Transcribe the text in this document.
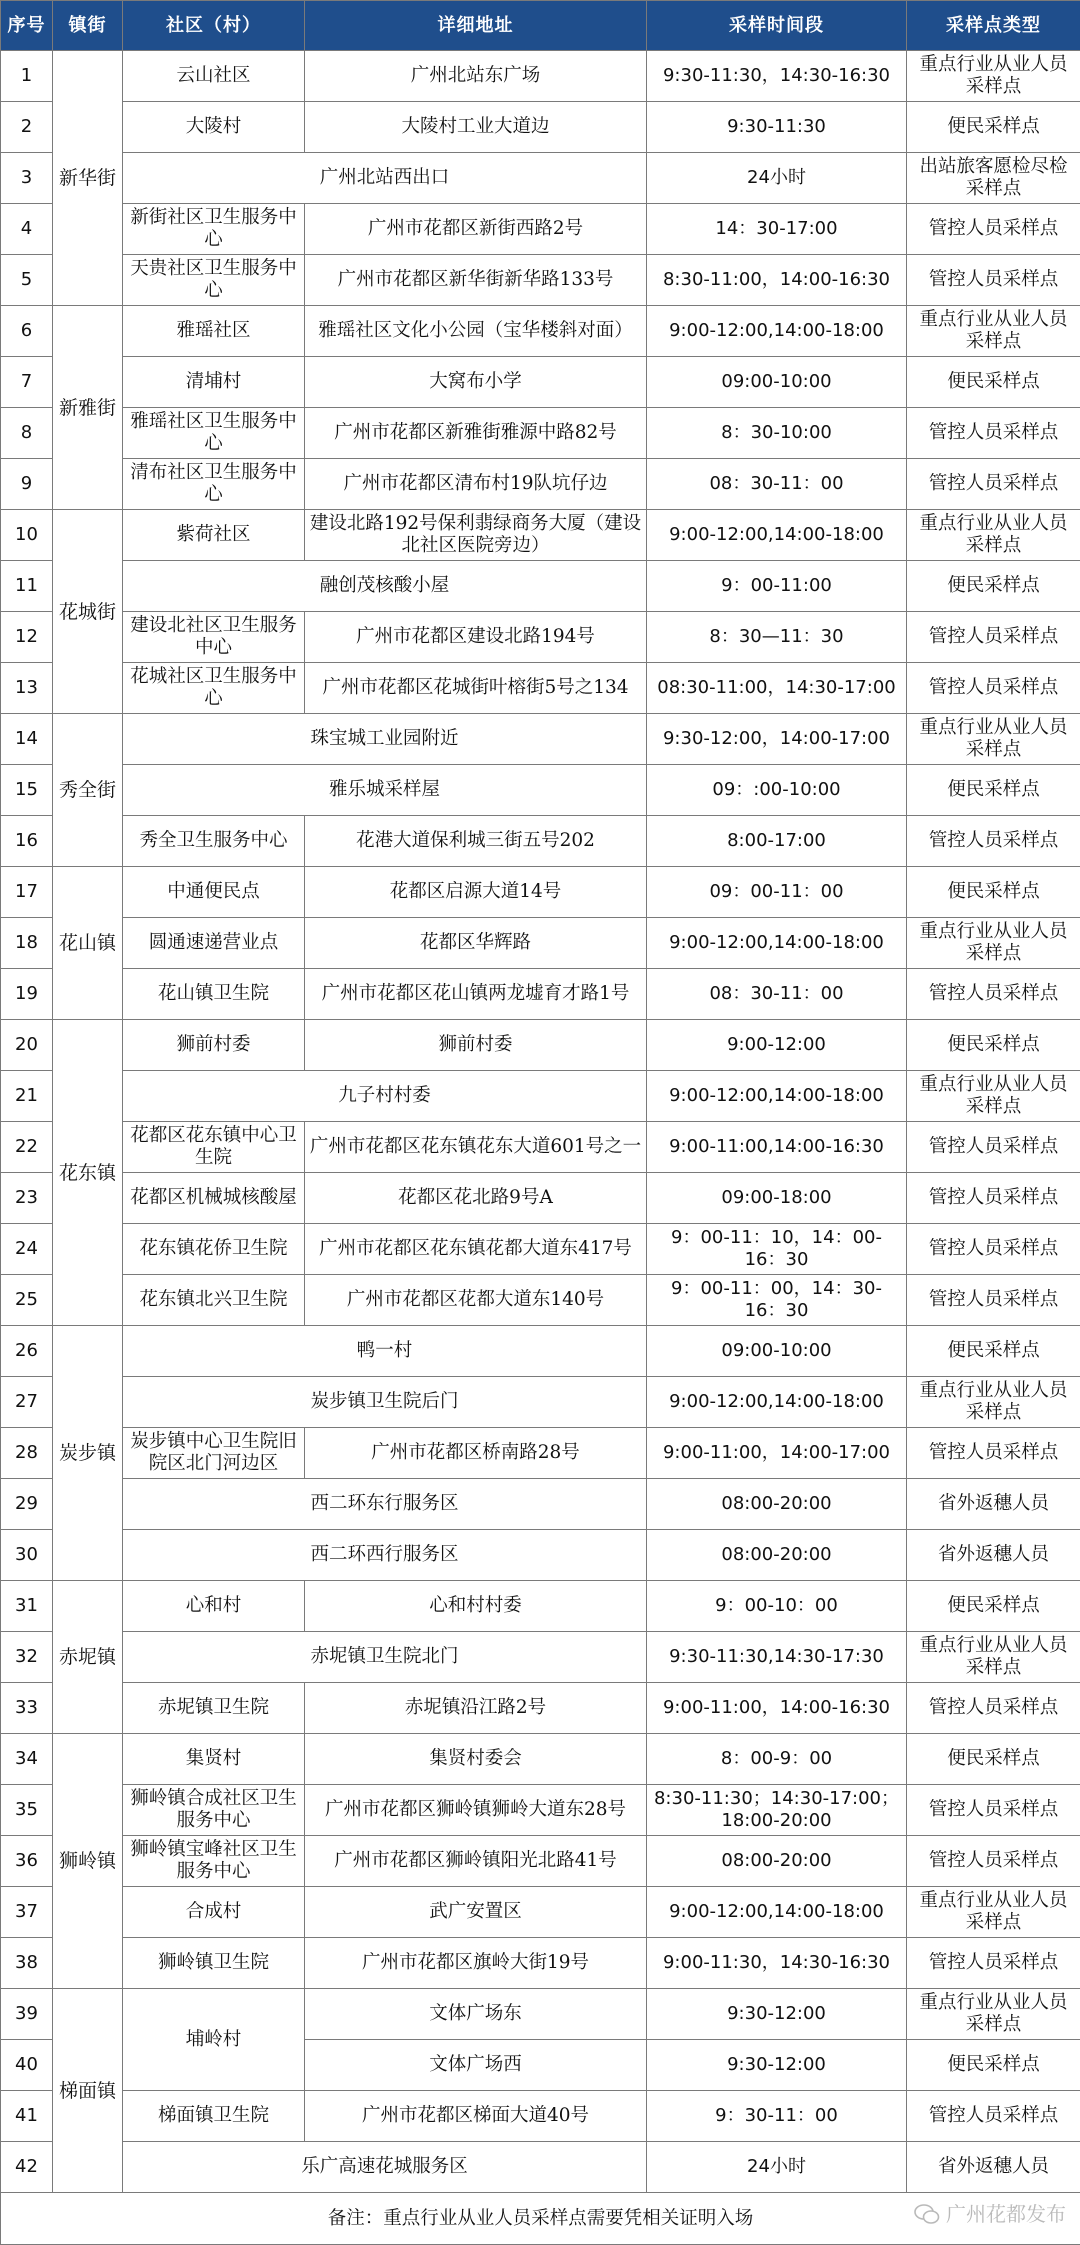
序号	镇街	社区（村）	详细地址	采样时间段	采样点类型
1	新华街	云山社区	广州北站东广场	9:30-11:30，14:30-16:30	重点行业从业人员采样点
2		大陵村	大陵村工业大道边	9:30-11:30	便民采样点
3		广州北站西出口		24小时	出站旅客愿检尽检采样点
4		新街社区卫生服务中心	广州市花都区新街西路2号	14：30-17:00	管控人员采样点
5		天贵社区卫生服务中心	广州市花都区新华街新华路133号	8:30-11:00，14:00-16:30	管控人员采样点
6	新雅街	雅瑶社区	雅瑶社区文化小公园（宝华楼斜对面）	9:00-12:00,14:00-18:00	重点行业从业人员采样点
7		清埔村	大窝布小学	09:00-10:00	便民采样点
8		雅瑶社区卫生服务中心	广州市花都区新雅街雅源中路82号	8：30-10:00	管控人员采样点
9		清布社区卫生服务中心	广州市花都区清布村19队坑仔边	08：30-11：00	管控人员采样点
10	花城街	紫荷社区	建设北路192号保利翡绿商务大厦（建设北社区医院旁边）	9:00-12:00,14:00-18:00	重点行业从业人员采样点
11		融创茂核酸小屋		9：00-11:00	便民采样点
12		建设北社区卫生服务中心	广州市花都区建设北路194号	8：30—11：30	管控人员采样点
13		花城社区卫生服务中心	广州市花都区花城街叶榕街5号之134	08:30-11:00，14:30-17:00	管控人员采样点
14	秀全街	珠宝城工业园附近		9:30-12:00，14:00-17:00	重点行业从业人员采样点
15		雅乐城采样屋		09：:00-10:00	便民采样点
16		秀全卫生服务中心	花港大道保利城三街五号202	8:00-17:00	管控人员采样点
17	花山镇	中通便民点	花都区启源大道14号	09：00-11：00	便民采样点
18		圆通速递营业点	花都区华辉路	9:00-12:00,14:00-18:00	重点行业从业人员采样点
19		花山镇卫生院	广州市花都区花山镇两龙墟育才路1号	08：30-11：00	管控人员采样点
20	花东镇	狮前村委	狮前村委	9:00-12:00	便民采样点
21		九子村村委		9:00-12:00,14:00-18:00	重点行业从业人员采样点
22		花都区花东镇中心卫生院	广州市花都区花东镇花东大道601号之一	9:00-11:00,14:00-16:30	管控人员采样点
23		花都区机械城核酸屋	花都区花北路9号A	09:00-18:00	管控人员采样点
24		花东镇花侨卫生院	广州市花都区花东镇花都大道东417号	9：00-11：10，14：00-16：30	管控人员采样点
25		花东镇北兴卫生院	广州市花都区花都大道东140号	9：00-11：00，14：30-16：30	管控人员采样点
26	炭步镇	鸭一村		09:00-10:00	便民采样点
27		炭步镇卫生院后门		9:00-12:00,14:00-18:00	重点行业从业人员采样点
28		炭步镇中心卫生院旧院区北门河边区	广州市花都区桥南路28号	9:00-11:00，14:00-17:00	管控人员采样点
29		西二环东行服务区		08:00-20:00	省外返穗人员
30		西二环西行服务区		08:00-20:00	省外返穗人员
31	赤坭镇	心和村	心和村村委	9：00-10：00	便民采样点
32		赤坭镇卫生院北门		9:30-11:30,14:30-17:30	重点行业从业人员采样点
33		赤坭镇卫生院	赤坭镇沿江路2号	9:00-11:00，14:00-16:30	管控人员采样点
34	狮岭镇	集贤村	集贤村委会	8：00-9：00	便民采样点
35		狮岭镇合成社区卫生服务中心	广州市花都区狮岭镇狮岭大道东28号	8:30-11:30；14:30-17:00；18:00-20:00	管控人员采样点
36		狮岭镇宝峰社区卫生服务中心	广州市花都区狮岭镇阳光北路41号	08:00-20:00	管控人员采样点
37		合成村	武广安置区	9:00-12:00,14:00-18:00	重点行业从业人员采样点
38		狮岭镇卫生院	广州市花都区旗岭大街19号	9:00-11:30，14:30-16:30	管控人员采样点
39	梯面镇	埔岭村	文体广场东	9:30-12:00	重点行业从业人员采样点
40			文体广场西	9:30-12:00	便民采样点
41		梯面镇卫生院	广州市花都区梯面大道40号	9：30-11：00	管控人员采样点
42		乐广高速花城服务区		24小时	省外返穗人员
备注：重点行业从业人员采样点需要凭相关证明入场 广州花都发布					
